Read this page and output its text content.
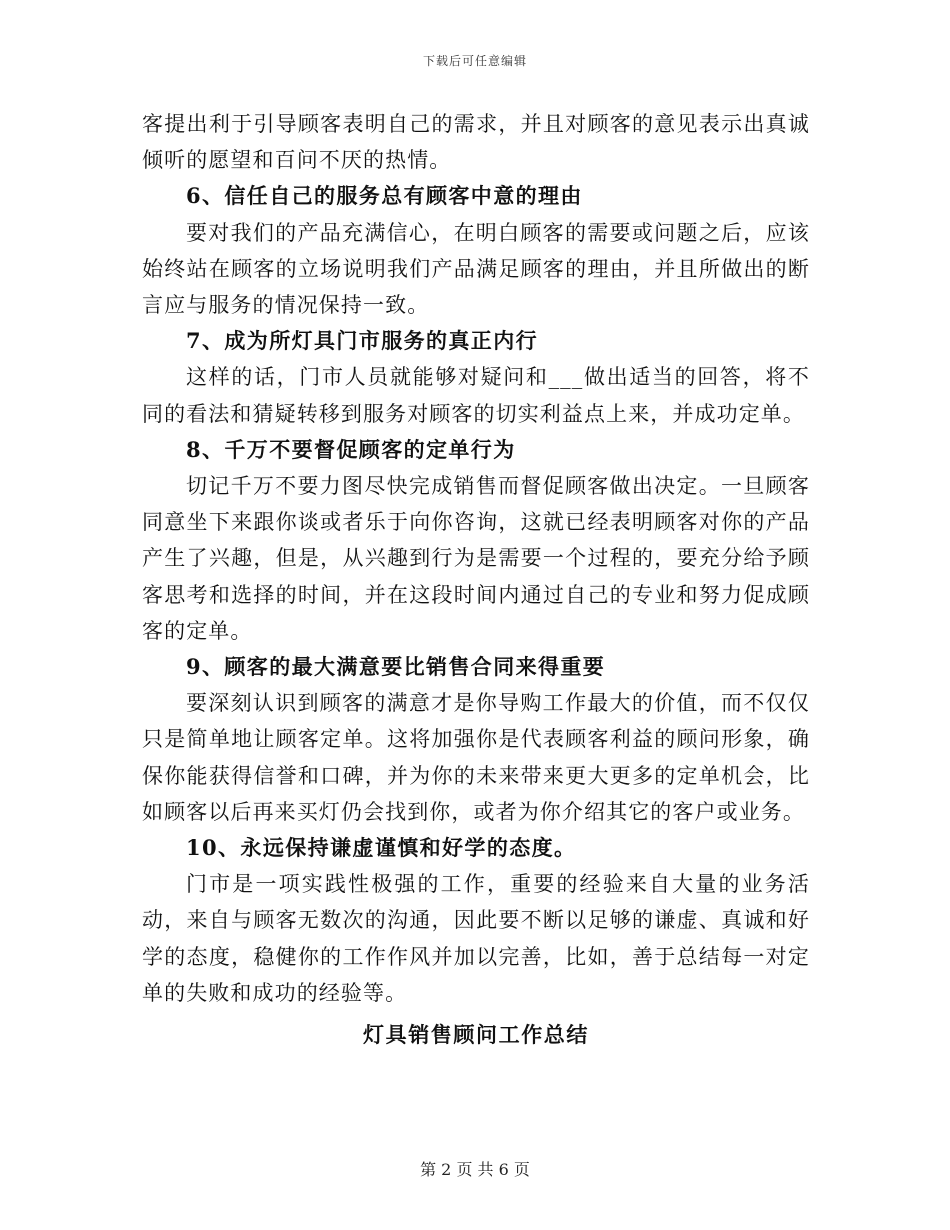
下载后可任意编辑

客提出利于引导顾客表明自己的需求，并且对顾客的意见表示出真诚倾听的愿望和百问不厌的热情。

6、信任自己的服务总有顾客中意的理由

要对我们的产品充满信心，在明白顾客的需要或问题之后，应该始终站在顾客的立场说明我们产品满足顾客的理由，并且所做出的断言应与服务的情况保持一致。

7、成为所灯具门市服务的真正内行

这样的话，门市人员就能够对疑问和___做出适当的回答，将不同的看法和猜疑转移到服务对顾客的切实利益点上来，并成功定单。

8、千万不要督促顾客的定单行为

切记千万不要力图尽快完成销售而督促顾客做出决定。一旦顾客同意坐下来跟你谈或者乐于向你咨询，这就已经表明顾客对你的产品产生了兴趣，但是，从兴趣到行为是需要一个过程的，要充分给予顾客思考和选择的时间，并在这段时间内通过自己的专业和努力促成顾客的定单。

9、顾客的最大满意要比销售合同来得重要

要深刻认识到顾客的满意才是你导购工作最大的价值，而不仅仅只是简单地让顾客定单。这将加强你是代表顾客利益的顾问形象，确保你能获得信誉和口碑，并为你的未来带来更大更多的定单机会，比如顾客以后再来买灯仍会找到你，或者为你介绍其它的客户或业务。

10、永远保持谦虚谨慎和好学的态度。

门市是一项实践性极强的工作，重要的经验来自大量的业务活动，来自与顾客无数次的沟通，因此要不断以足够的谦虚、真诚和好学的态度，稳健你的工作作风并加以完善，比如，善于总结每一对定单的失败和成功的经验等。

灯具销售顾问工作总结

第 2 页 共 6 页
